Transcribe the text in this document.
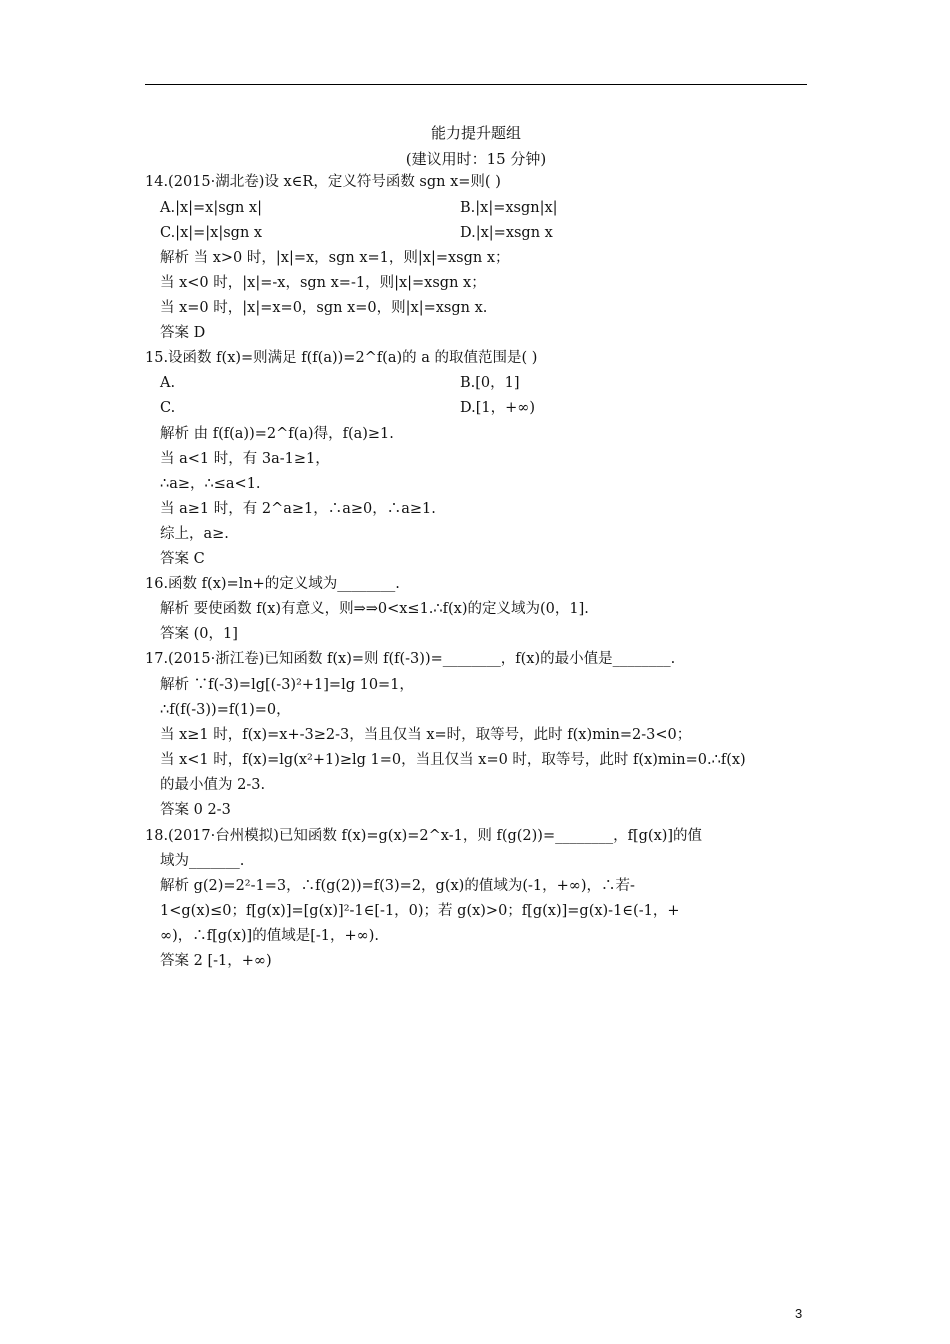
能力提升题组
(建议用时：15 分钟)
14.(2015·湖北卷)设 x∈R，定义符号函数 sgn x=则( )
A.|x|=x|sgn x|	B.|x|=xsgn|x|
C.|x|=|x|sgn x	D.|x|=xsgn x
解析 当 x>0 时，|x|=x，sgn x=1，则|x|=xsgn x；
当 x<0 时，|x|=-x，sgn x=-1，则|x|=xsgn x；
当 x=0 时，|x|=x=0，sgn x=0，则|x|=xsgn x.
答案 D
15.设函数 f(x)=则满足 f(f(a))=2^f(a)的 a 的取值范围是( )
A.	B.[0，1]
C.	D.[1，+∞)
解析 由 f(f(a))=2^f(a)得，f(a)≥1.
当 a<1 时，有 3a-1≥1，
∴a≥，∴≤a<1.
当 a≥1 时，有 2^a≥1，∴a≥0，∴a≥1.
综上，a≥.
答案 C
16.函数 f(x)=ln+的定义域为________.
解析 要使函数 f(x)有意义，则⇒⇒0<x≤1.∴f(x)的定义域为(0，1].
答案 (0，1]
17.(2015·浙江卷)已知函数 f(x)=则 f(f(-3))=________，f(x)的最小值是________.
解析 ∵f(-3)=lg[(-3)²+1]=lg 10=1，
∴f(f(-3))=f(1)=0，
当 x≥1 时，f(x)=x+-3≥2-3，当且仅当 x=时，取等号，此时 f(x)min=2-3<0；
当 x<1 时，f(x)=lg(x²+1)≥lg 1=0，当且仅当 x=0 时，取等号，此时 f(x)min=0.∴f(x)
的最小值为 2-3.
答案 0 2-3
18.(2017·台州模拟)已知函数 f(x)=g(x)=2^x-1，则 f(g(2))=________，f[g(x)]的值
域为_______.
解析 g(2)=2²-1=3，∴f(g(2))=f(3)=2，g(x)的值域为(-1，+∞)，∴若-
1<g(x)≤0；f[g(x)]=[g(x)]²-1∈[-1，0)；若 g(x)>0；f[g(x)]=g(x)-1∈(-1，+
∞)，∴f[g(x)]的值域是[-1，+∞).
答案 2 [-1，+∞)
3
